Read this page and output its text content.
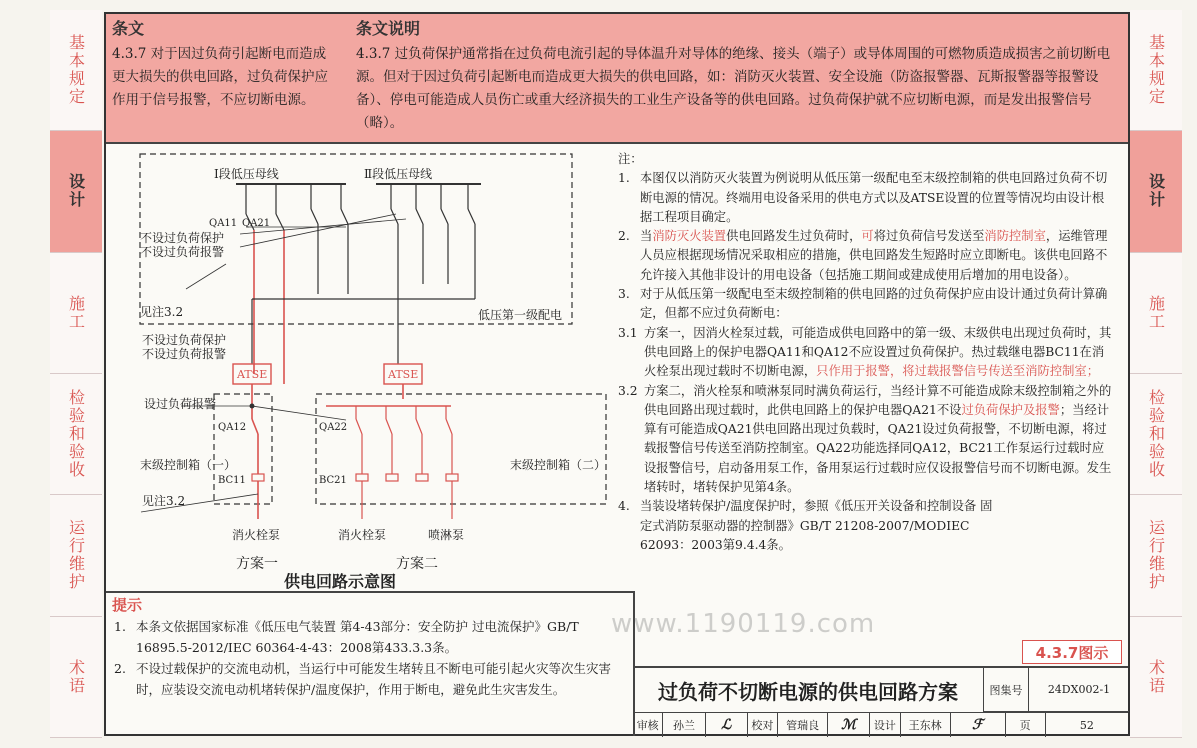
基本规定
设计
施工
检验和验收
运行维护
术语
基本规定
设计
施工
检验和验收
运行维护
术语
条文
4.3.7 对于因过负荷引起断电而造成更大损失的供电回路，过负荷保护应作用于信号报警，不应切断电源。
条文说明
4.3.7 过负荷保护通常指在过负荷电流引起的导体温升对导体的绝缘、接头（端子）或导体周围的可燃物质造成损害之前切断电源。但对于因过负荷引起断电而造成更大损失的供电回路，如：消防灭火装置、安全设施（防盗报警器、瓦斯报警器等报警设备）、停电可能造成人员伤亡或重大经济损失的工业生产设备等的供电回路。过负荷保护就不应切断电源，而是发出报警信号（略）。
Ⅰ段低压母线	Ⅱ段低压母线
QA11 QA21
不设过负荷保护
不设过负荷报警
见注3.2	低压第一级配电
不设过负荷保护
不设过负荷报警
ATSE	ATSE
设过负荷报警
QA12	QA22
末级控制箱（一）	末级控制箱（二）
BC11	BC21
见注3.2
消火栓泵	消火栓泵	喷淋泵
方案一	方案二
供电回路示意图

注：

1. 本图仅以消防灭火装置为例说明从低压第一级配电至末级控制箱的供电回路过负荷不切断电源的情况。终端用电设备采用的供电方式以及ATSE设置的位置等情况均由设计根据工程项目确定。
2. 当消防灭火装置供电回路发生过负荷时，可将过负荷信号发送至消防控制室，运维管理人员应根据现场情况采取相应的措施，供电回路发生短路时应立即断电。该供电回路不允许接入其他非设计的用电设备（包括施工期间或建成使用后增加的用电设备）。
3. 对于从低压第一级配电至末级控制箱的供电回路的过负荷保护应由设计通过负荷计算确定，但都不应过负荷断电：
3.1 方案一，因消火栓泵过载，可能造成供电回路中的第一级、末级供电出现过负荷时，其供电回路上的保护电器QA11和QA12不应设置过负荷保护。热过载继电器BC11在消火栓泵出现过载时不切断电源，只作用于报警，将过载报警信号传送至消防控制室；
3.2 方案二，消火栓泵和喷淋泵同时满负荷运行，当经计算不可能造成除末级控制箱之外的供电回路出现过载时，此供电回路上的保护电器QA21不设过负荷保护及报警；当经计算有可能造成QA21供电回路出现过负载时，QA21设过负荷报警，不切断电源，将过载报警信号传送至消防控制室。QA22功能选择同QA12，BC21工作泵运行过载时应设报警信号，启动备用泵工作，备用泵运行过载时应仅设报警信号而不切断电源。发生堵转时，堵转保护见第4条。
4. 当装设堵转保护/温度保护时，参照《低压开关设备和控制设备 固定式消防泵驱动器的控制器》GB/T 21208-2007/MODIEC 62093：2003第9.4.4条。
提示
1. 本条文依据国家标准《低压电气装置 第4-43部分：安全防护 过电流保护》GB/T 16895.5-2012/IEC 60364-4-43：2008第433.3.3条。
2. 不设过载保护的交流电动机，当运行中可能发生堵转且不断电可能引起火灾等次生灾害时，应装设交流电动机堵转保护/温度保护，作用于断电，避免此生灾害发生。
www.1190119.com
4.3.7图示
过负荷不切断电源的供电回路方案	图集号	24DX002-1
审核	孙兰	ℒ	校对	管瑞良	ℳ	设计	王东林	ℱ	页	52
